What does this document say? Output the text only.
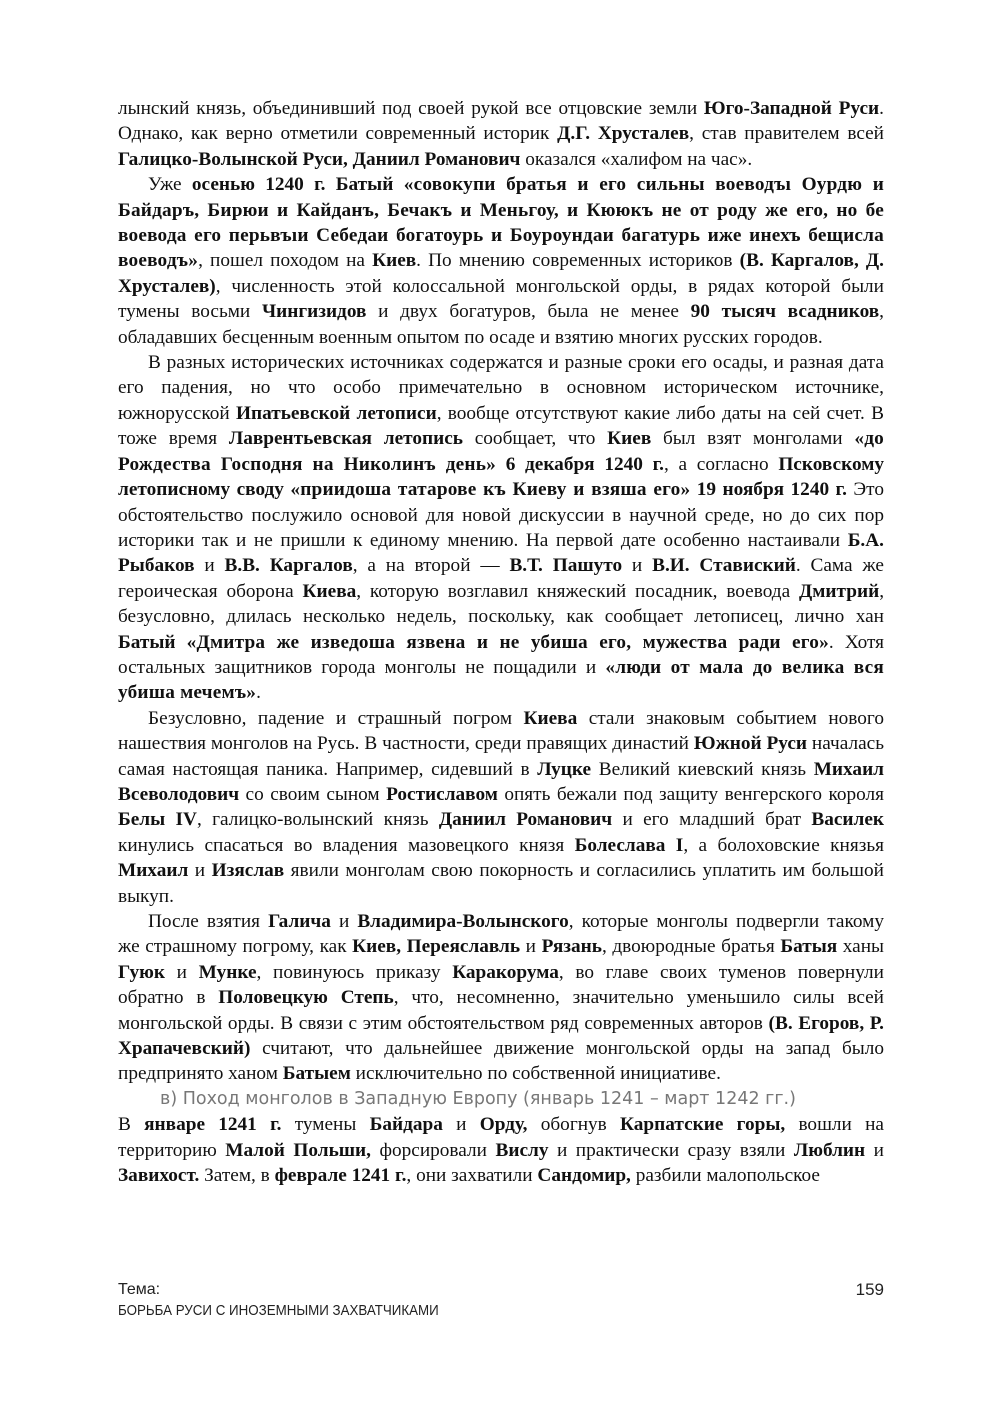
лынский князь, объединивший под своей рукой все отцовские земли Юго-Западной Руси. Однако, как верно отметили современный историк Д.Г. Хрусталев, став правителем всей Галицко-Волынской Руси, Даниил Романович оказался «халифом на час».

Уже осенью 1240 г. Батый «совокупи братья и его сильны воеводъı Оурдю и Байдаръ, Бирюи и Кайданъ, Бечакъ и Меньгоу, и Кююкъ не от роду же его, но бе воевода его перьвъıи Себедаи богатоурь и Боуроундаи багатурь иже инехъ бещисла воеводъ», пошел походом на Киев. По мнению современных историков (В. Каргалов, Д. Хрусталев), численность этой колоссальной монгольской орды, в рядах которой были тумены восьми Чингизидов и двух богатуров, была не менее 90 тысяч всадников, обладавших бесценным военным опытом по осаде и взятию многих русских городов.

В разных исторических источниках содержатся и разные сроки его осады, и разная дата его падения, но что особо примечательно в основном историческом источнике, южнорусской Ипатьевской летописи, вообще отсутствуют какие либо даты на сей счет. В тоже время Лаврентьевская летопись сообщает, что Киев был взят монголами «до Рождества Господня на Николинъ день» 6 декабря 1240 г., а согласно Псковскому летописному своду «приидоша татарове къ Киеву и взяша его» 19 ноября 1240 г. Это обстоятельство послужило основой для новой дискуссии в научной среде, но до сих пор историки так и не пришли к единому мнению. На первой дате особенно настаивали Б.А. Рыбаков и В.В. Каргалов, а на второй — В.Т. Пашуто и В.И. Ставиский. Сама же героическая оборона Киева, которую возглавил княжеский посадник, воевода Дмитрий, безусловно, длилась несколько недель, поскольку, как сообщает летописец, лично хан Батый «Дмитра же изведоша язвена и не убиша его, мужества ради его». Хотя остальных защитников города монголы не пощадили и «люди от мала до велика вся убиша мечемъ».

Безусловно, падение и страшный погром Киева стали знаковым событием нового нашествия монголов на Русь. В частности, среди правящих династий Южной Руси началась самая настоящая паника. Например, сидевший в Луцке Великий киевский князь Михаил Всеволодович со своим сыном Ростиславом опять бежали под защиту венгерского короля Белы IV, галицко-волынский князь Даниил Романович и его младший брат Василек кинулись спасаться во владения мазовецкого князя Болеслава I, а болоховские князья Михаил и Изяслав явили монголам свою покорность и согласились уплатить им большой выкуп.

После взятия Галича и Владимира-Волынского, которые монголы подвергли такому же страшному погрому, как Киев, Переяславль и Рязань, двоюродные братья Батыя ханы Гуюк и Мунке, повинуюсь приказу Каракорума, во главе своих туменов повернули обратно в Половецкую Степь, что, несомненно, значительно уменьшило силы всей монгольской орды. В связи с этим обстоятельством ряд современных авторов (В. Егоров, Р. Храпачевский) считают, что дальнейшее движение монгольской орды на запад было предпринято ханом Батыем исключительно по собственной инициативе.

в) Поход монголов в Западную Европу (январь 1241 – март 1242 гг.)

В январе 1241 г. тумены Байдара и Орду, обогнув Карпатские горы, вошли на территорию Малой Польши, форсировали Вислу и практически сразу взяли Люблин и Завихост. Затем, в феврале 1241 г., они захватили Сандомир, разбили малопольское

Тема:
БОРЬБА РУСИ С ИНОЗЕМНЫМИ ЗАХВАТЧИКАМИ
159
